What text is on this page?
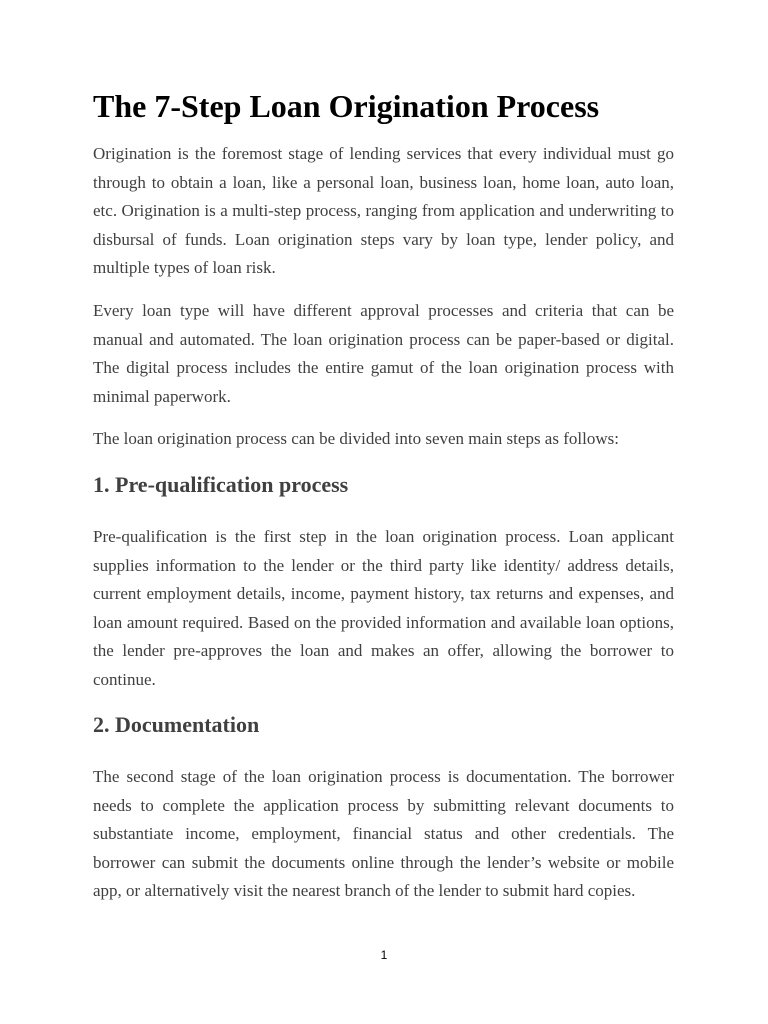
The 7-Step Loan Origination Process

Origination is the foremost stage of lending services that every individual must go through to obtain a loan, like a personal loan, business loan, home loan, auto loan, etc. Origination is a multi-step process, ranging from application and underwriting to disbursal of funds. Loan origination steps vary by loan type, lender policy, and multiple types of loan risk.

Every loan type will have different approval processes and criteria that can be manual and automated. The loan origination process can be paper-based or digital. The digital process includes the entire gamut of the loan origination process with minimal paperwork.

The loan origination process can be divided into seven main steps as follows:

1. Pre-qualification process

Pre-qualification is the first step in the loan origination process. Loan applicant supplies information to the lender or the third party like identity/ address details, current employment details, income, payment history, tax returns and expenses, and loan amount required. Based on the provided information and available loan options, the lender pre-approves the loan and makes an offer, allowing the borrower to continue.

2. Documentation

The second stage of the loan origination process is documentation. The borrower needs to complete the application process by submitting relevant documents to substantiate income, employment, financial status and other credentials. The borrower can submit the documents online through the lender’s website or mobile app, or alternatively visit the nearest branch of the lender to submit hard copies.

1
